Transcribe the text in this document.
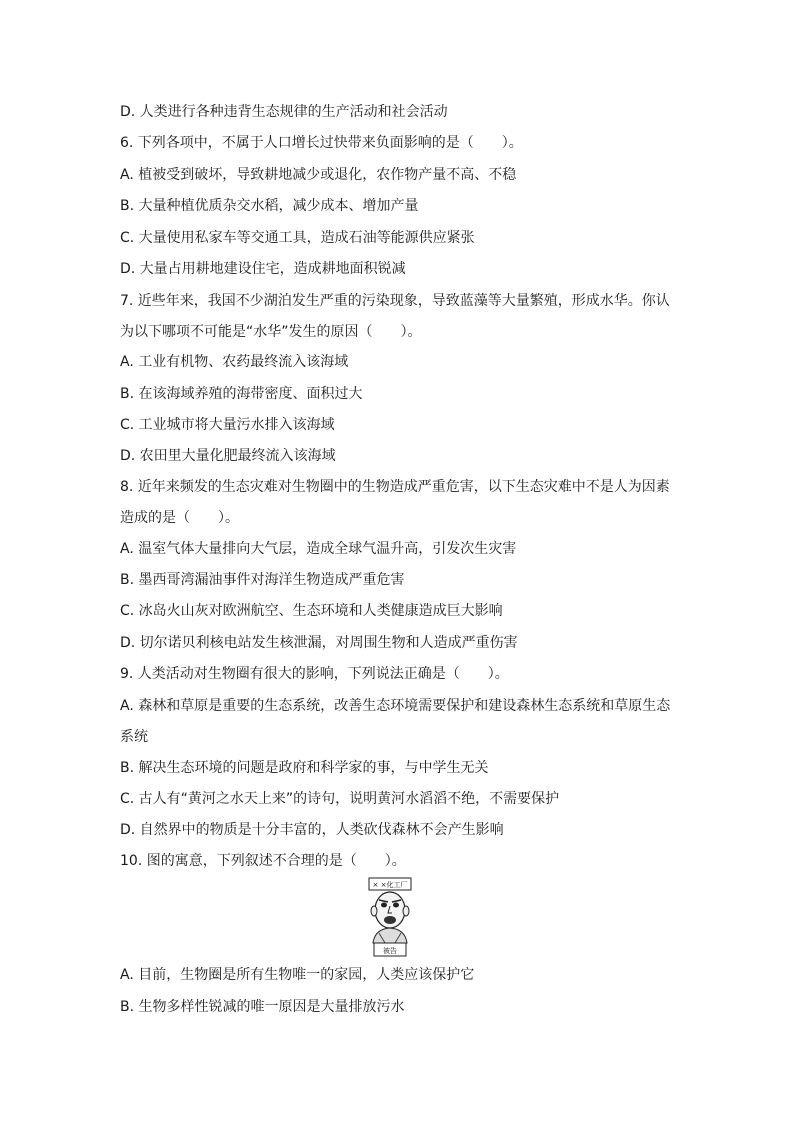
D. 人类进行各种违背生态规律的生产活动和社会活动
6. 下列各项中，不属于人口增长过快带来负面影响的是（　　）。
A. 植被受到破坏，导致耕地减少或退化，农作物产量不高、不稳
B. 大量种植优质杂交水稻，减少成本、增加产量
C. 大量使用私家车等交通工具，造成石油等能源供应紧张
D. 大量占用耕地建设住宅，造成耕地面积锐减
7. 近些年来，我国不少湖泊发生严重的污染现象，导致蓝藻等大量繁殖，形成水华。你认
为以下哪项不可能是“水华”发生的原因（　　）。
A. 工业有机物、农药最终流入该海域
B. 在该海域养殖的海带密度、面积过大
C. 工业城市将大量污水排入该海域
D. 农田里大量化肥最终流入该海域
8. 近年来频发的生态灾难对生物圈中的生物造成严重危害，以下生态灾难中不是人为因素
造成的是（　　）。
A. 温室气体大量排向大气层，造成全球气温升高，引发次生灾害
B. 墨西哥湾漏油事件对海洋生物造成严重危害
C. 冰岛火山灰对欧洲航空、生态环境和人类健康造成巨大影响
D. 切尔诺贝利核电站发生核泄漏，对周围生物和人造成严重伤害
9. 人类活动对生物圈有很大的影响，下列说法正确是（　　）。
A. 森林和草原是重要的生态系统，改善生态环境需要保护和建设森林生态系统和草原生态
系统
B. 解决生态环境的问题是政府和科学家的事，与中学生无关
C. 古人有“黄河之水天上来”的诗句，说明黄河水滔滔不绝，不需要保护
D. 自然界中的物质是十分丰富的，人类砍伐森林不会产生影响
10. 图的寓意，下列叙述不合理的是（　　）。
A. 目前，生物圈是所有生物唯一的家园，人类应该保护它
B. 生物多样性锐减的唯一原因是大量排放污水
× ×化工厂
被告
